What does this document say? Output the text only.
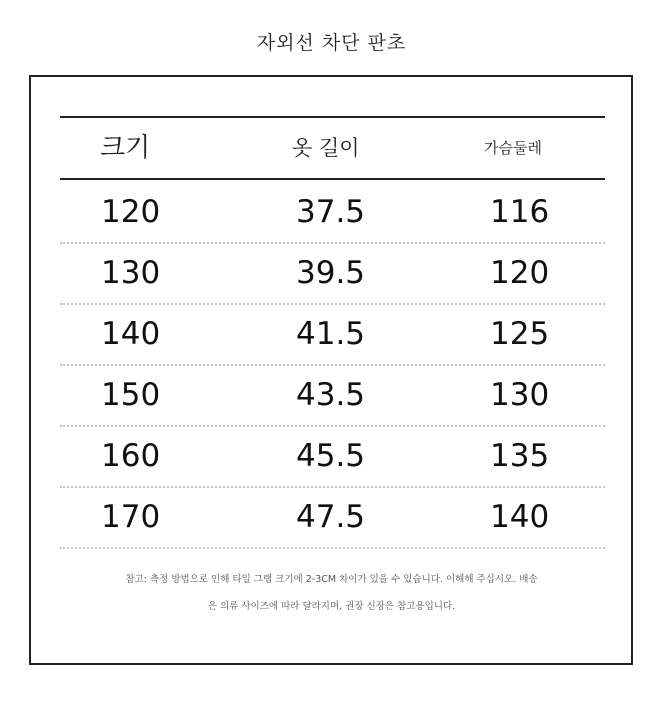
자외선 차단 판초
크기	옷 길이	가슴둘레
120	37.5	116
130	39.5	120
140	41.5	125
150	43.5	130
160	45.5	135
170	47.5	140
참고: 측정 방법으로 인해 타일 그램 크기에 2-3CM 차이가 있을 수 있습니다. 이해해 주십시오. 배송
은 의류 사이즈에 따라 달라지며, 권장 신장은 참고용입니다.
